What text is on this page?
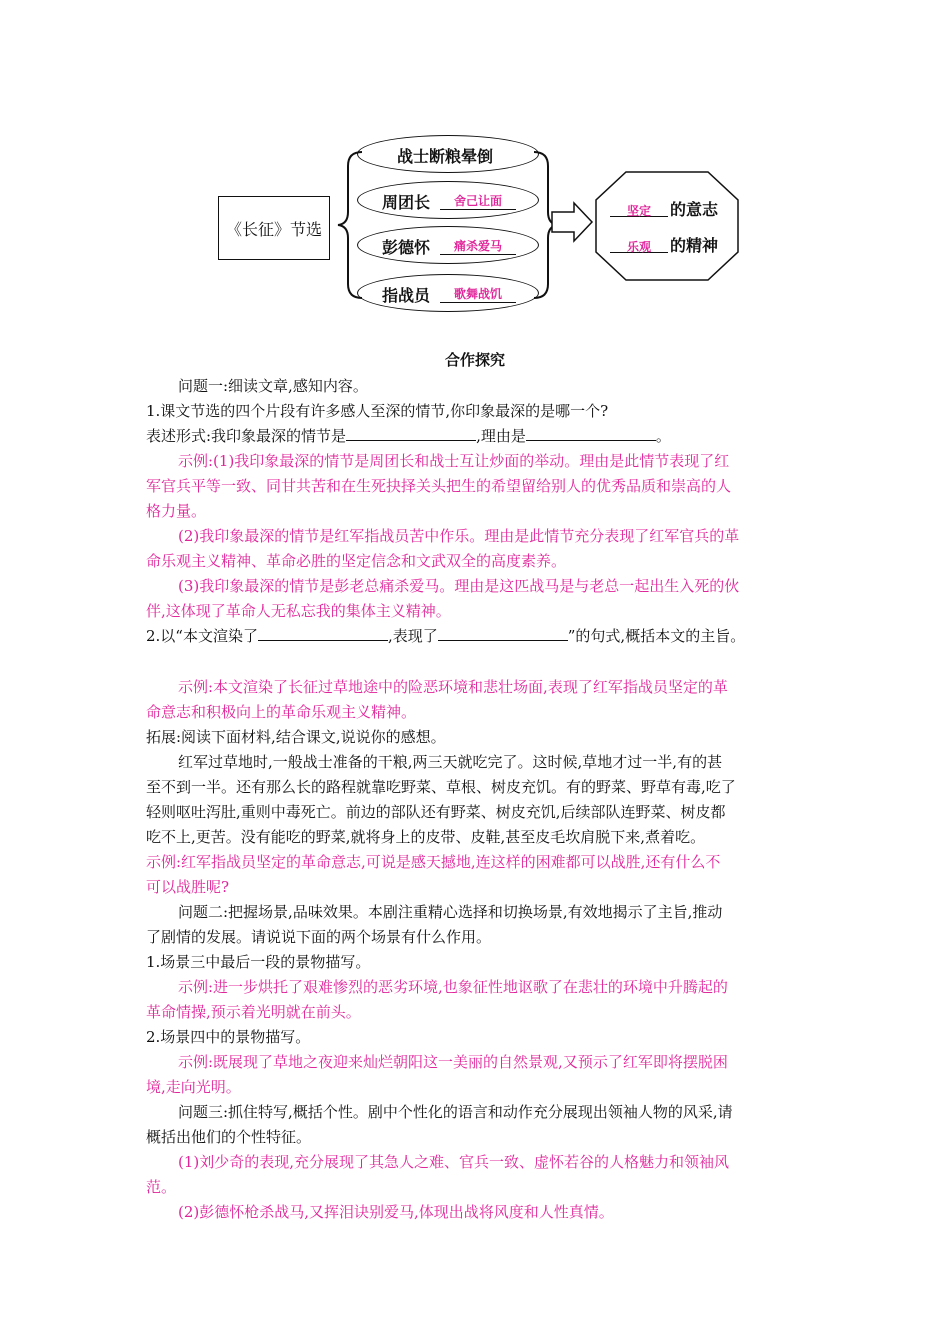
《长征》节选
战士断粮晕倒
周团长	舍己让面
彭德怀	痛杀爱马
指战员	歌舞战饥
坚定 的意志
乐观 的精神
合作探究
问题一:细读文章,感知内容。
1.课文节选的四个片段有许多感人至深的情节,你印象最深的是哪一个?
表述形式:我印象最深的情节是	,理由是	。
示例:(1)我印象最深的情节是周团长和战士互让炒面的举动。理由是此情节表现了红
军官兵平等一致、同甘共苦和在生死抉择关头把生的希望留给别人的优秀品质和崇高的人
格力量。
(2)我印象最深的情节是红军指战员苦中作乐。理由是此情节充分表现了红军官兵的革
命乐观主义精神、革命必胜的坚定信念和文武双全的高度素养。
(3)我印象最深的情节是彭老总痛杀爱马。理由是这匹战马是与老总一起出生入死的伙
伴,这体现了革命人无私忘我的集体主义精神。
2.以“本文渲染了	,表现了	”的句式,概括本文的主旨。
示例:本文渲染了长征过草地途中的险恶环境和悲壮场面,表现了红军指战员坚定的革
命意志和积极向上的革命乐观主义精神。
拓展:阅读下面材料,结合课文,说说你的感想。
红军过草地时,一般战士准备的干粮,两三天就吃完了。这时候,草地才过一半,有的甚
至不到一半。还有那么长的路程就靠吃野菜、草根、树皮充饥。有的野菜、野草有毒,吃了
轻则呕吐泻肚,重则中毒死亡。前边的部队还有野菜、树皮充饥,后续部队连野菜、树皮都
吃不上,更苦。没有能吃的野菜,就将身上的皮带、皮鞋,甚至皮毛坎肩脱下来,煮着吃。
示例:红军指战员坚定的革命意志,可说是感天撼地,连这样的困难都可以战胜,还有什么不
可以战胜呢?
问题二:把握场景,品味效果。本剧注重精心选择和切换场景,有效地揭示了主旨,推动
了剧情的发展。请说说下面的两个场景有什么作用。
1.场景三中最后一段的景物描写。
示例:进一步烘托了艰难惨烈的恶劣环境,也象征性地讴歌了在悲壮的环境中升腾起的
革命情操,预示着光明就在前头。
2.场景四中的景物描写。
示例:既展现了草地之夜迎来灿烂朝阳这一美丽的自然景观,又预示了红军即将摆脱困
境,走向光明。
问题三:抓住特写,概括个性。剧中个性化的语言和动作充分展现出领袖人物的风采,请
概括出他们的个性特征。
(1)刘少奇的表现,充分展现了其急人之难、官兵一致、虚怀若谷的人格魅力和领袖风
范。
(2)彭德怀枪杀战马,又挥泪诀别爱马,体现出战将风度和人性真情。
